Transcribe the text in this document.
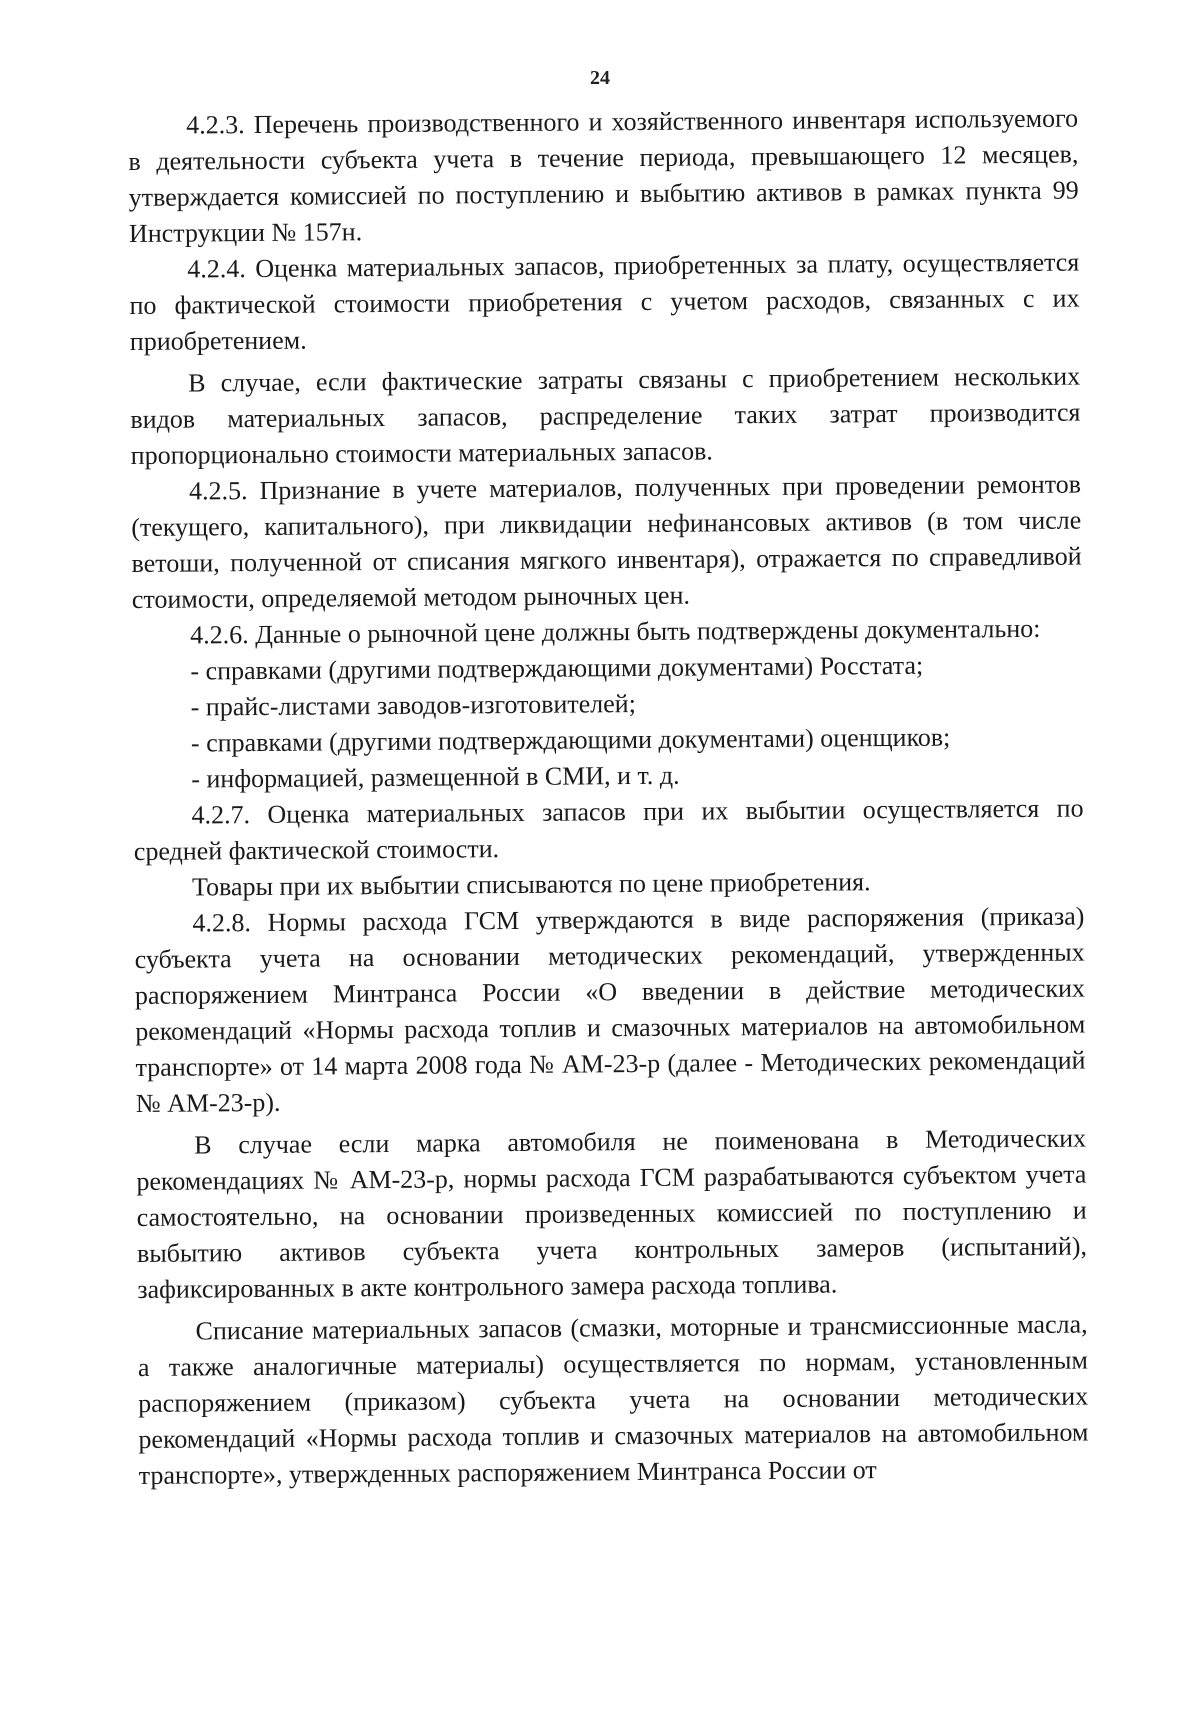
24

4.2.3. Перечень производственного и хозяйственного инвентаря используемого в деятельности субъекта учета в течение периода, превышающего 12 месяцев, утверждается комиссией по поступлению и выбытию активов в рамках пункта 99 Инструкции № 157н.

4.2.4. Оценка материальных запасов, приобретенных за плату, осуществляется по фактической стоимости приобретения с учетом расходов, связанных с их приобретением.

В случае, если фактические затраты связаны с приобретением нескольких видов материальных запасов, распределение таких затрат производится пропорционально стоимости материальных запасов.

4.2.5. Признание в учете материалов, полученных при проведении ремонтов (текущего, капитального), при ликвидации нефинансовых активов (в том числе ветоши, полученной от списания мягкого инвентаря), отражается по справедливой стоимости, определяемой методом рыночных цен.

4.2.6. Данные о рыночной цене должны быть подтверждены документально:

- справками (другими подтверждающими документами) Росстата;

- прайс-листами заводов-изготовителей;

- справками (другими подтверждающими документами) оценщиков;

- информацией, размещенной в СМИ, и т. д.

4.2.7. Оценка материальных запасов при их выбытии осуществляется по средней фактической стоимости.

Товары при их выбытии списываются по цене приобретения.

4.2.8. Нормы расхода ГСМ утверждаются в виде распоряжения (приказа) субъекта учета на основании методических рекомендаций, утвержденных распоряжением Минтранса России «О введении в действие методических рекомендаций «Нормы расхода топлив и смазочных материалов на автомобильном транспорте» от 14 марта 2008 года № АМ-23-р (далее - Методических рекомендаций № АМ-23-р).

В случае если марка автомобиля не поименована в Методических рекомендациях № АМ-23-р, нормы расхода ГСМ разрабатываются субъектом учета самостоятельно, на основании произведенных комиссией по поступлению и выбытию активов субъекта учета контрольных замеров (испытаний), зафиксированных в акте контрольного замера расхода топлива.

Списание материальных запасов (смазки, моторные и трансмиссионные масла, а также аналогичные материалы) осуществляется по нормам, установленным распоряжением (приказом) субъекта учета на основании методических рекомендаций «Нормы расхода топлив и смазочных материалов на автомобильном транспорте», утвержденных распоряжением Минтранса России от
